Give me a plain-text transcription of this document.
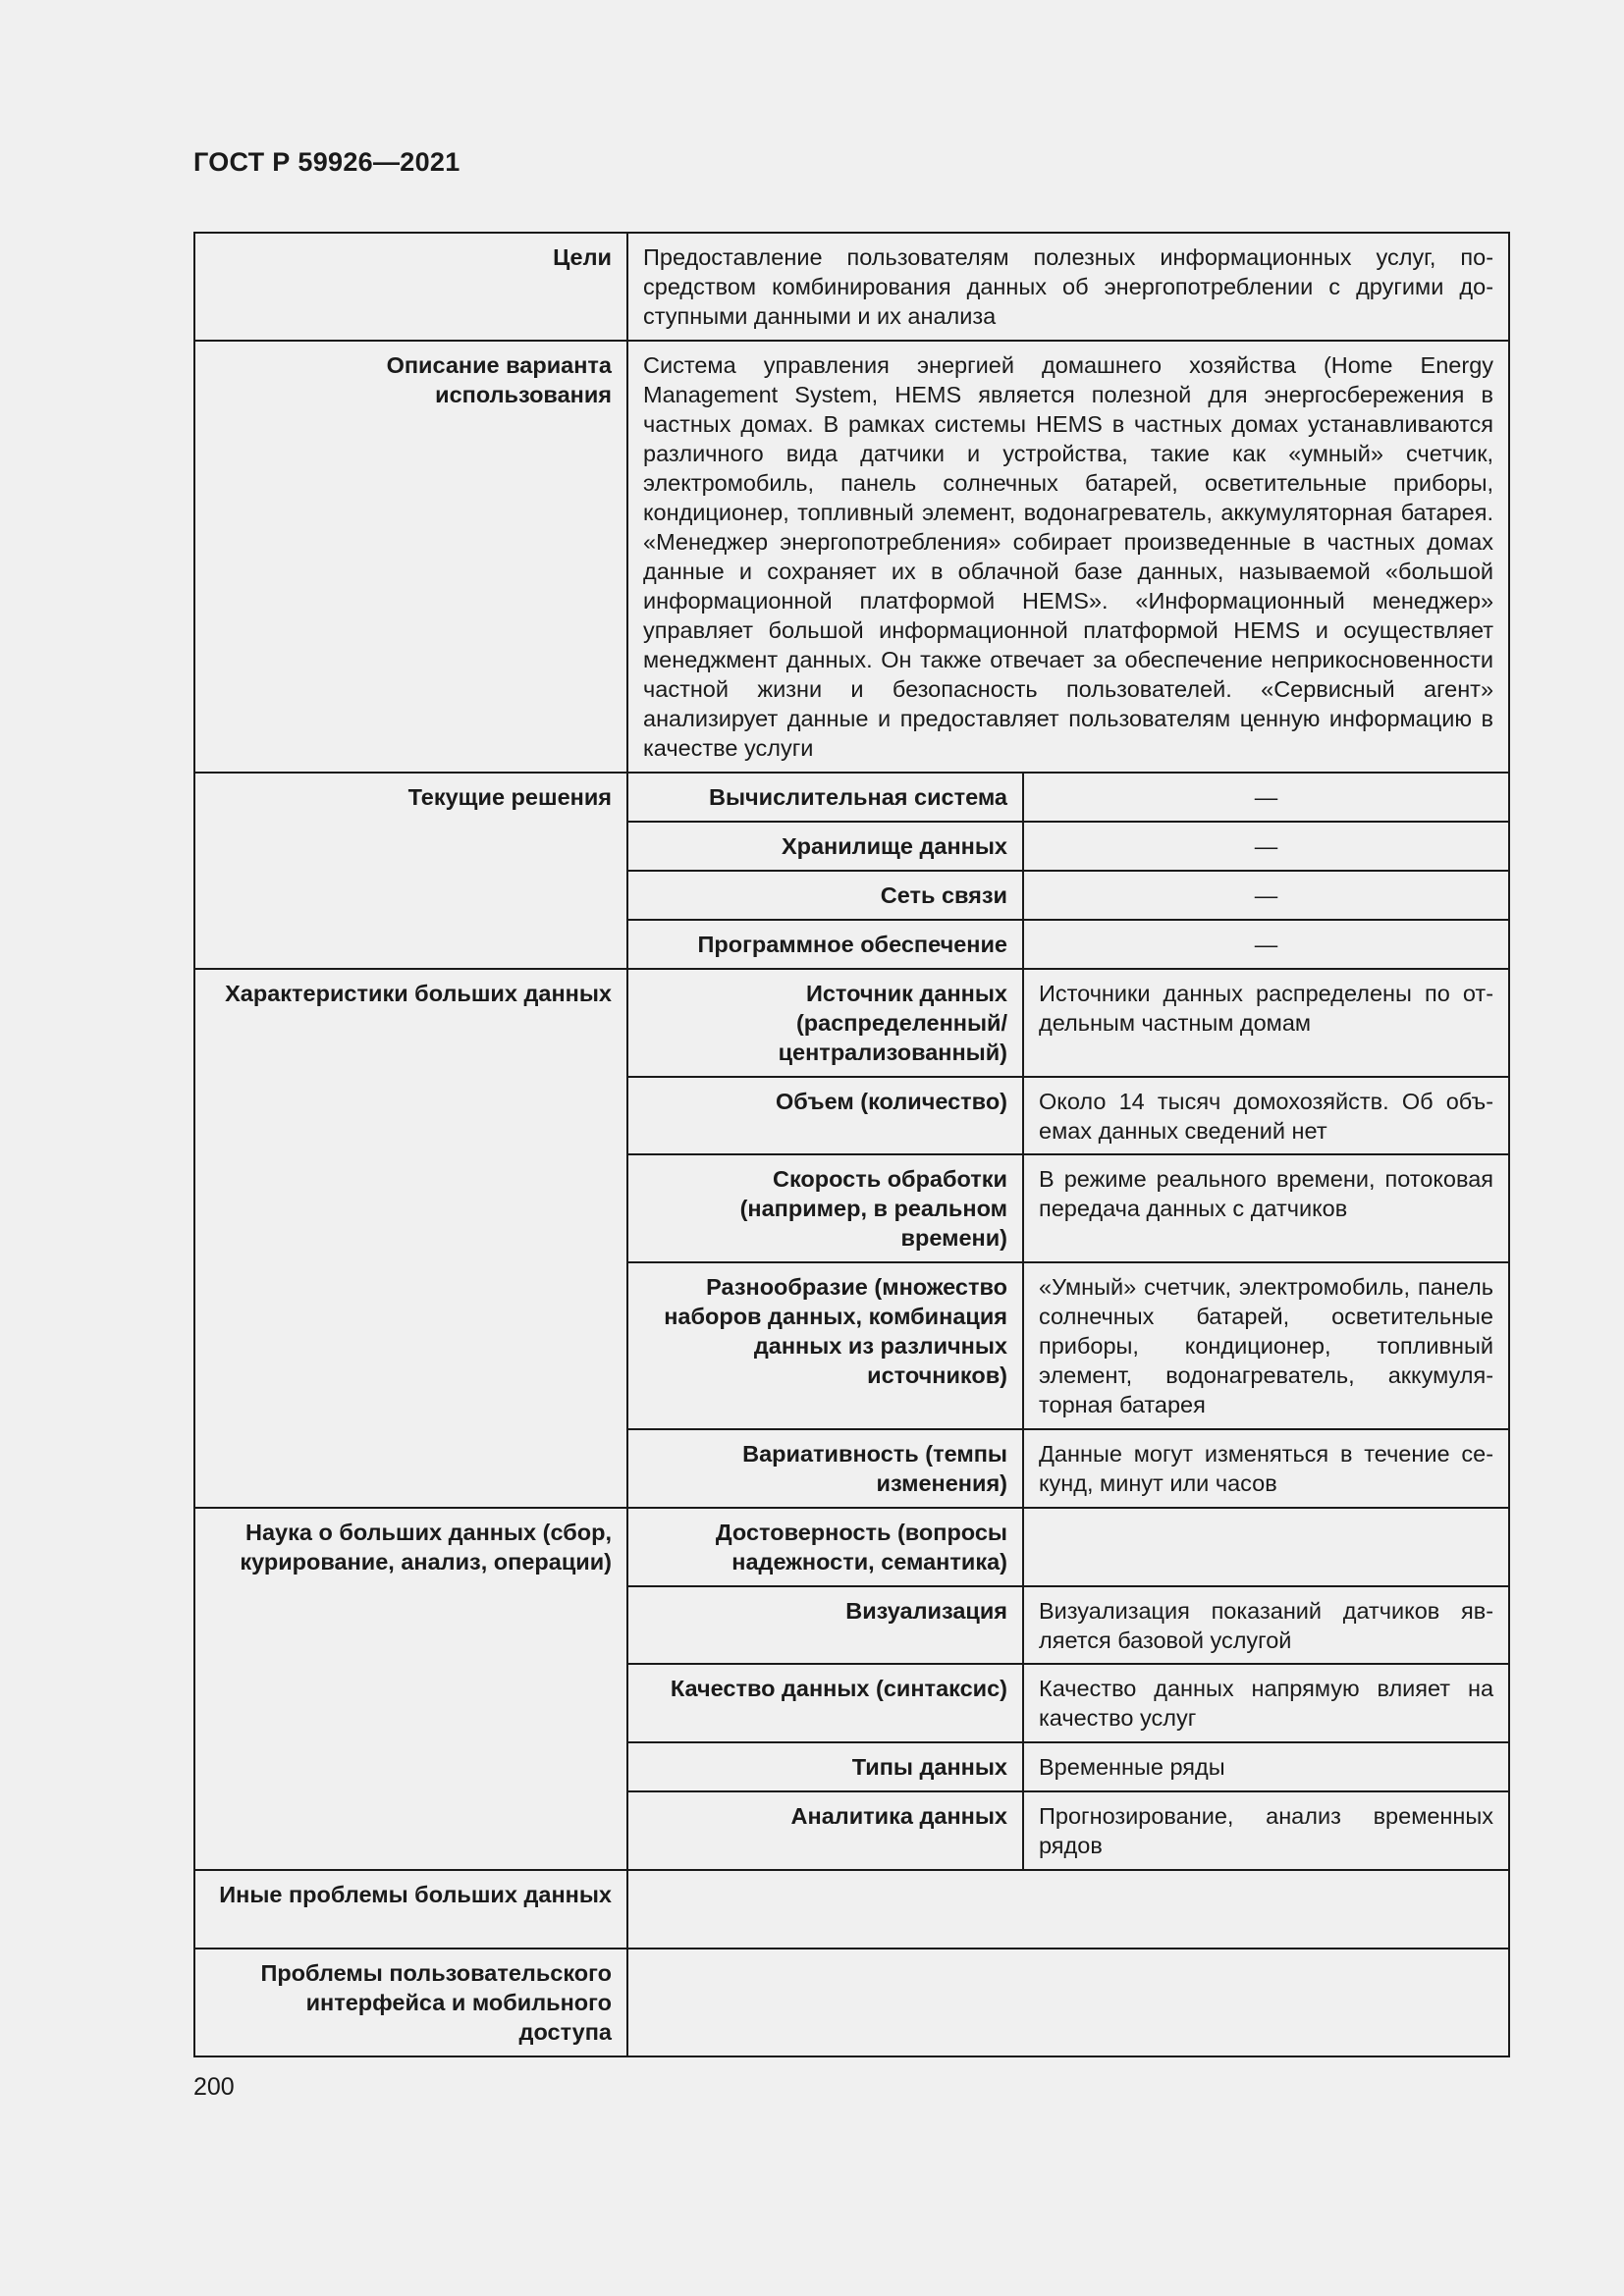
ГОСТ Р 59926—2021
Цели	Предоставление пользователям полезных информационных услуг, посредством комбинирования данных об энергопотреблении с другими доступными данными и их анализа	
Описание варианта использования	Система управления энергией домашнего хозяйства (Home Energy Management System, HEMS является полезной для энергосбережения в частных домах. В рамках системы HEMS в частных домах устанавливаются различного вида датчики и устройства, такие как «умный» счетчик, электромобиль, панель солнечных батарей, осветительные приборы, кондиционер, топливный элемент, водонагреватель, аккумуляторная батарея. «Менеджер энергопотребления» собирает произведенные в частных домах данные и сохраняет их в облачной базе данных, называемой «большой информационной платформой HEMS». «Информационный менеджер» управляет большой информационной платформой HEMS и осуществляет менеджмент данных. Он также отвечает за обеспечение неприкосновенности частной жизни и безопасность пользователей. «Сервисный агент» анализирует данные и предоставляет пользователям ценную информацию в качестве услуги	
Текущие решения	Вычислительная система	—
	Хранилище данных	—
	Сеть связи	—
	Программное обеспечение	—
Характеристики больших данных	Источник данных (распределенный/ централизованный)	Источники данных распределены по отдельным частным домам
	Объем (количество)	Около 14 тысяч домохозяйств. Об объемах данных сведений нет
	Скорость обработки (например, в реальном времени)	В режиме реального времени, потоковая передача данных с датчиков
	Разнообразие (множество наборов данных, комбинация данных из различных источников)	«Умный» счетчик, электромобиль, панель солнечных батарей, осветительные приборы, кондиционер, топливный элемент, водонагреватель, аккумуляторная батарея
	Вариативность (темпы изменения)	Данные могут изменяться в течение секунд, минут или часов
Наука о больших данных (сбор, курирование, анализ, операции)	Достоверность (вопросы надежности, семантика)	
	Визуализация	Визуализация показаний датчиков является базовой услугой
	Качество данных (синтаксис)	Качество данных напрямую влияет на качество услуг
	Типы данных	Временные ряды
	Аналитика данных	Прогнозирование, анализ временных рядов
Иные проблемы больших данных		
Проблемы пользовательского интерфейса и мобильного доступа		
200
